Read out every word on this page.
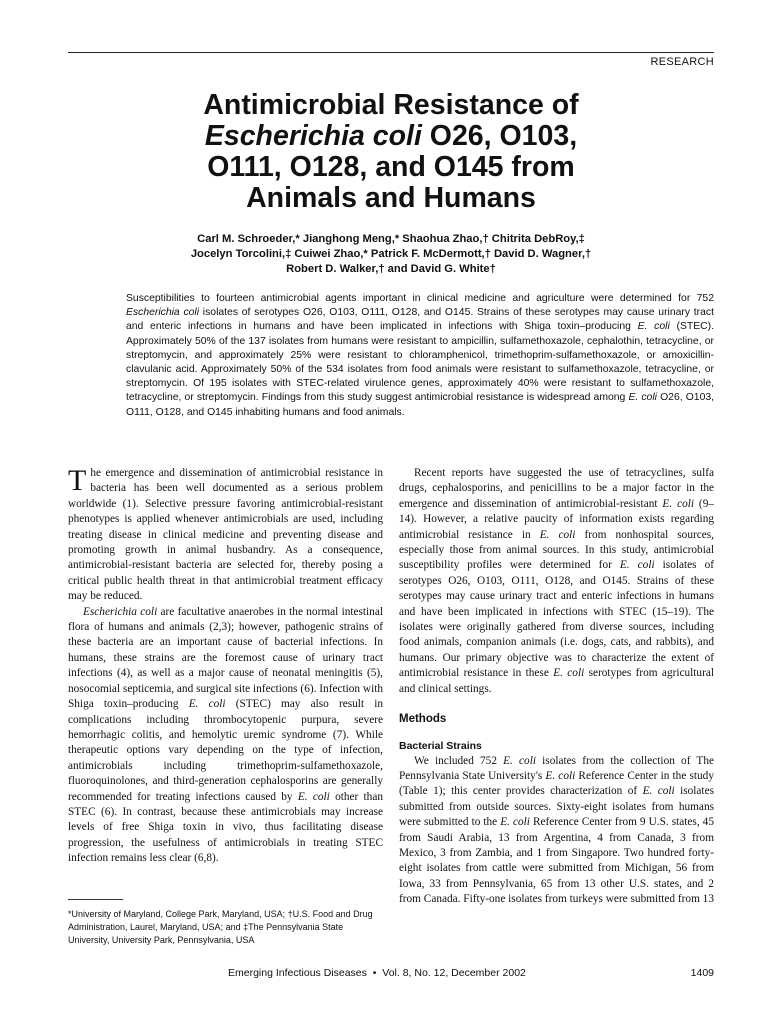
RESEARCH
Antimicrobial Resistance of
Escherichia coli O26, O103,
O111, O128, and O145 from
Animals and Humans
Carl M. Schroeder,* Jianghong Meng,* Shaohua Zhao,† Chitrita DebRoy,‡
Jocelyn Torcolini,‡ Cuiwei Zhao,* Patrick F. McDermott,† David D. Wagner,†
Robert D. Walker,† and David G. White†
Susceptibilities to fourteen antimicrobial agents important in clinical medicine and agriculture were determined for 752 Escherichia coli isolates of serotypes O26, O103, O111, O128, and O145. Strains of these serotypes may cause urinary tract and enteric infections in humans and have been implicated in infections with Shiga toxin–producing E. coli (STEC). Approximately 50% of the 137 isolates from humans were resistant to ampicillin, sulfamethoxazole, cephalothin, tetracycline, or streptomycin, and approximately 25% were resistant to chloramphenicol, trimethoprim-sulfamethoxazole, or amoxicillin-clavulanic acid. Approximately 50% of the 534 isolates from food animals were resistant to sulfamethoxazole, tetracycline, or streptomycin. Of 195 isolates with STEC-related virulence genes, approximately 40% were resistant to sulfamethoxazole, tetracycline, or streptomycin. Findings from this study suggest antimicrobial resistance is widespread among E. coli O26, O103, O111, O128, and O145 inhabiting humans and food animals.

The emergence and dissemination of antimicrobial resistance in bacteria has been well documented as a serious problem worldwide (1). Selective pressure favoring antimicrobial-resistant phenotypes is applied whenever antimicrobials are used, including treating disease in clinical medicine and preventing disease and promoting growth in animal husbandry. As a consequence, antimicrobial-resistant bacteria are selected for, thereby posing a critical public health threat in that antimicrobial treatment efficacy may be reduced.

Escherichia coli are facultative anaerobes in the normal intestinal flora of humans and animals (2,3); however, pathogenic strains of these bacteria are an important cause of bacterial infections. In humans, these strains are the foremost cause of urinary tract infections (4), as well as a major cause of neonatal meningitis (5), nosocomial septicemia, and surgical site infections (6). Infection with Shiga toxin–producing E. coli (STEC) may also result in complications including thrombocytopenic purpura, severe hemorrhagic colitis, and hemolytic uremic syndrome (7). While therapeutic options vary depending on the type of infection, antimicrobials including trimethoprim-sulfamethoxazole, fluoroquinolones, and third-generation cephalosporins are generally recommended for treating infections caused by E. coli other than STEC (6). In contrast, because these antimicrobials may increase levels of free Shiga toxin in vivo, thus facilitating disease progression, the usefulness of antimicrobials in treating STEC infection remains less clear (6,8).

Recent reports have suggested the use of tetracyclines, sulfa drugs, cephalosporins, and penicillins to be a major factor in the emergence and dissemination of antimicrobial-resistant E. coli (9–14). However, a relative paucity of information exists regarding antimicrobial resistance in E. coli from nonhospital sources, especially those from animal sources. In this study, antimicrobial susceptibility profiles were determined for E. coli isolates of serotypes O26, O103, O111, O128, and O145. Strains of these serotypes may cause urinary tract and enteric infections in humans and have been implicated in infections with STEC (15–19). The isolates were originally gathered from diverse sources, including food animals, companion animals (i.e. dogs, cats, and rabbits), and humans. Our primary objective was to characterize the extent of antimicrobial resistance in these E. coli serotypes from agricultural and clinical settings.

Methods

Bacterial Strains

We included 752 E. coli isolates from the collection of The Pennsylvania State University's E. coli Reference Center in the study (Table 1); this center provides characterization of E. coli isolates submitted from outside sources. Sixty-eight isolates from humans were submitted to the E. coli Reference Center from 9 U.S. states, 45 from Saudi Arabia, 13 from Argentina, 4 from Canada, 3 from Mexico, 3 from Zambia, and 1 from Singapore. Two hundred forty-eight isolates from cattle were submitted from Michigan, 56 from Iowa, 33 from Pennsylvania, 65 from 13 other U.S. states, and 2 from Canada. Fifty-one isolates from turkeys were submitted from 13

*University of Maryland, College Park, Maryland, USA; †U.S. Food and Drug Administration, Laurel, Maryland, USA; and ‡The Pennsylvania State University, University Park, Pennsylvania, USA
Emerging Infectious Diseases • Vol. 8, No. 12, December 2002	1409
